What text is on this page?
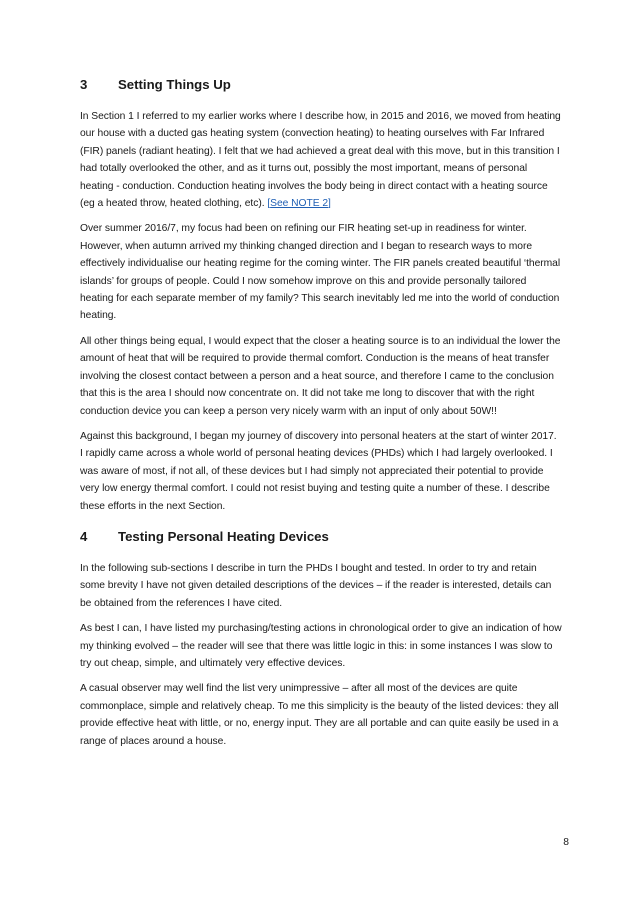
3	Setting Things Up

In Section 1 I referred to my earlier works where I describe how, in 2015 and 2016, we moved from heating our house with a ducted gas heating system (convection heating) to heating ourselves with Far Infrared (FIR) panels (radiant heating). I felt that we had achieved a great deal with this move, but in this transition I had totally overlooked the other, and as it turns out, possibly the most important, means of personal heating - conduction. Conduction heating involves the body being in direct contact with a heating source (eg a heated throw, heated clothing, etc). [See NOTE 2]

Over summer 2016/7, my focus had been on refining our FIR heating set-up in readiness for winter. However, when autumn arrived my thinking changed direction and I began to research ways to more effectively individualise our heating regime for the coming winter. The FIR panels created beautiful ‘thermal islands’ for groups of people. Could I now somehow improve on this and provide personally tailored heating for each separate member of my family? This search inevitably led me into the world of conduction heating.

All other things being equal, I would expect that the closer a heating source is to an individual the lower the amount of heat that will be required to provide thermal comfort. Conduction is the means of heat transfer involving the closest contact between a person and a heat source, and therefore I came to the conclusion that this is the area I should now concentrate on. It did not take me long to discover that with the right conduction device you can keep a person very nicely warm with an input of only about 50W!!

Against this background, I began my journey of discovery into personal heaters at the start of winter 2017. I rapidly came across a whole world of personal heating devices (PHDs) which I had largely overlooked. I was aware of most, if not all, of these devices but I had simply not appreciated their potential to provide very low energy thermal comfort. I could not resist buying and testing quite a number of these. I describe these efforts in the next Section.

4	Testing Personal Heating Devices

In the following sub-sections I describe in turn the PHDs I bought and tested. In order to try and retain some brevity I have not given detailed descriptions of the devices – if the reader is interested, details can be obtained from the references I have cited.

As best I can, I have listed my purchasing/testing actions in chronological order to give an indication of how my thinking evolved – the reader will see that there was little logic in this: in some instances I was slow to try out cheap, simple, and ultimately very effective devices.

A casual observer may well find the list very unimpressive – after all most of the devices are quite commonplace, simple and relatively cheap. To me this simplicity is the beauty of the listed devices: they all provide effective heat with little, or no, energy input. They are all portable and can quite easily be used in a range of places around a house.

8
